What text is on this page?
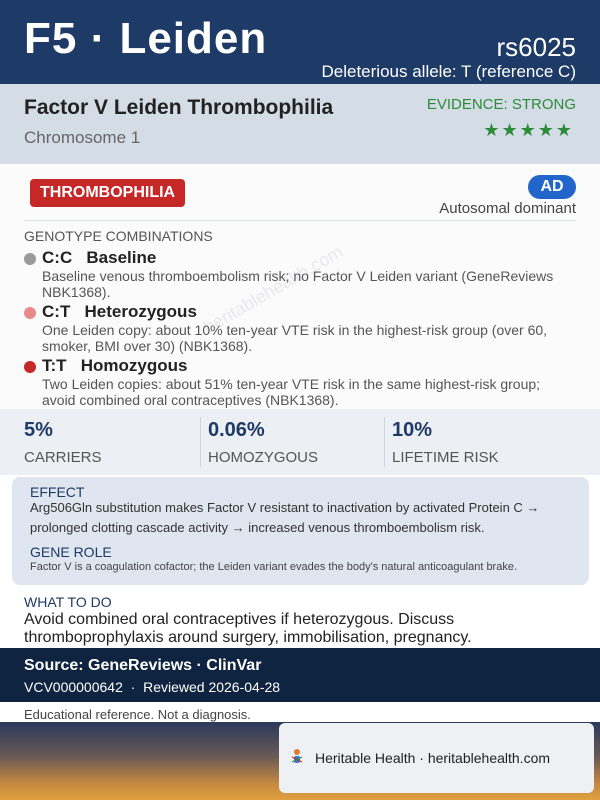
F5 · Leiden	rs6025
Deleterious allele: T (reference C)
Factor V Leiden Thrombophilia
Chromosome 1
EVIDENCE: STRONG
★★★★★
THROMBOPHILIA	AD
Autosomal dominant
GENOTYPE COMBINATIONS
C:C   Baseline
Baseline venous thromboembolism risk; no Factor V Leiden variant (GeneReviews NBK1368).
C:T   Heterozygous
One Leiden copy: about 10% ten-year VTE risk in the highest-risk group (over 60, smoker, BMI over 30) (NBK1368).
T:T   Homozygous
Two Leiden copies: about 51% ten-year VTE risk in the same highest-risk group; avoid combined oral contraceptives (NBK1368).
5%
CARRIERS
0.06%
HOMOZYGOUS
10%
LIFETIME RISK
EFFECT
Arg506Gln substitution makes Factor V resistant to inactivation by activated Protein C → prolonged clotting cascade activity → increased venous thromboembolism risk.
GENE ROLE
Factor V is a coagulation cofactor; the Leiden variant evades the body's natural anticoagulant brake.
WHAT TO DO
Avoid combined oral contraceptives if heterozygous. Discuss thromboprophylaxis around surgery, immobilisation, pregnancy.
Source: GeneReviews · ClinVar
VCV000000642  ·  Reviewed 2026-04-28
Educational reference. Not a diagnosis.
Heritable Health · heritablehealth.com
